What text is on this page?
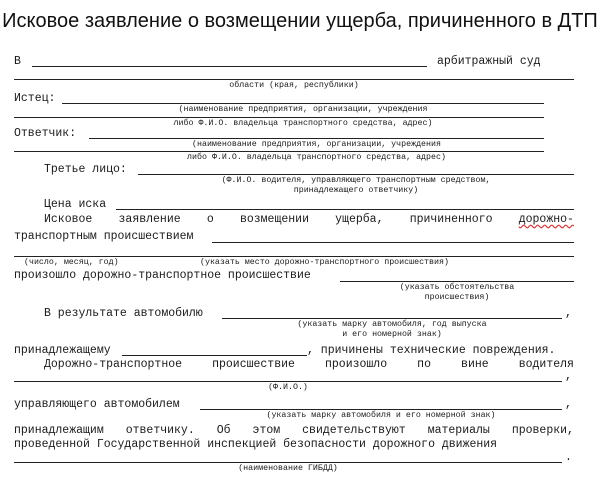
Исковое заявление о возмещении ущерба, причиненного в ДТП
В	арбитражный суд
области (края, республики)
Истец:
(наименование предприятия, организации, учреждения
либо Ф.И.О. владельца транспортного средства, адрес)
Ответчик:
(наименование предприятия, организации, учреждения
либо Ф.И.О. владельца транспортного средства, адрес)
Третье лицо:
(Ф.И.О. водителя, управляющего транспортным средством,
принадлежащего ответчику)
Цена иска
Исковое заявление о возмещении ущерба, причиненного дорожно-
транспортным происшествием
(число, месяц, год)	(указать место дорожно-транспортного происшествия)
произошло дорожно-транспортное происшествие
(указать обстоятельства
происшествия)
В результате автомобилю	,
(указать марку автомобиля, год выпуска
и его номерной знак)
принадлежащему	, причинены технические повреждения.
Дорожно-транспортное	происшествие	произошло	по	вине	водителя
,
(Ф.И.О.)
управляющего автомобилем	,
(указать марку автомобиля и его номерной знак)
принадлежащим ответчику. Об этом свидетельствуют материалы проверки,
проведенной Государственной инспекцией безопасности дорожного движения
.
(наименование ГИБДД)
